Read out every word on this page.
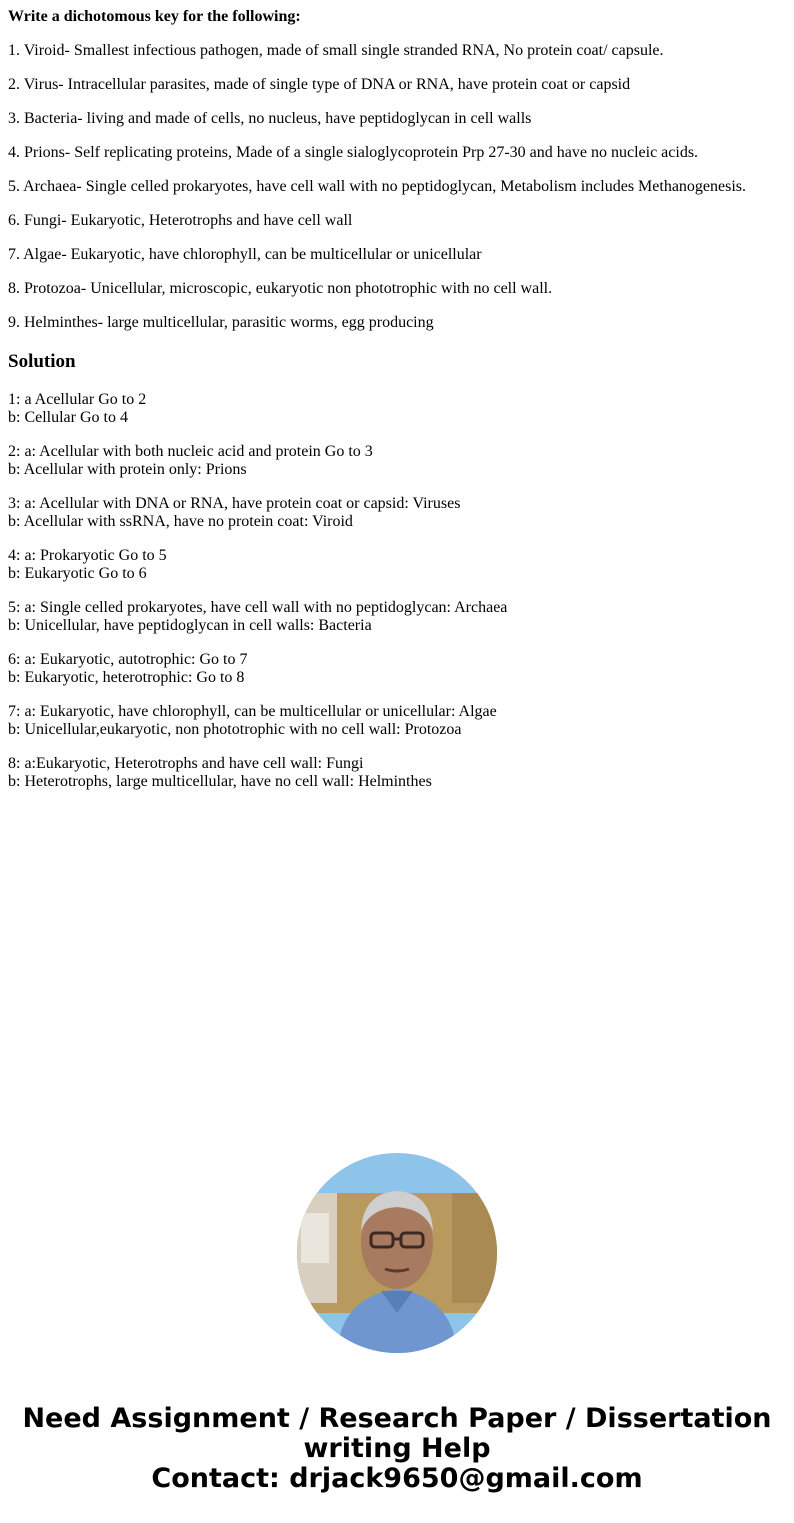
Write a dichotomous key for the following:

1. Viroid- Smallest infectious pathogen, made of small single stranded RNA, No protein coat/ capsule.

2. Virus- Intracellular parasites, made of single type of DNA or RNA, have protein coat or capsid

3. Bacteria- living and made of cells, no nucleus, have peptidoglycan in cell walls

4. Prions- Self replicating proteins, Made of a single sialoglycoprotein Prp 27-30 and have no nucleic acids.

5. Archaea- Single celled prokaryotes, have cell wall with no peptidoglycan, Metabolism includes Methanogenesis.

6. Fungi- Eukaryotic, Heterotrophs and have cell wall

7. Algae- Eukaryotic, have chlorophyll, can be multicellular or unicellular

8. Protozoa- Unicellular, microscopic, eukaryotic non phototrophic with no cell wall.

9. Helminthes- large multicellular, parasitic worms, egg producing

Solution

1: a Acellular Go to 2
b: Cellular Go to 4

2: a: Acellular with both nucleic acid and protein Go to 3
b: Acellular with protein only: Prions

3: a: Acellular with DNA or RNA, have protein coat or capsid: Viruses
b: Acellular with ssRNA, have no protein coat: Viroid

4: a: Prokaryotic Go to 5
b: Eukaryotic Go to 6

5: a: Single celled prokaryotes, have cell wall with no peptidoglycan: Archaea
b: Unicellular, have peptidoglycan in cell walls: Bacteria

6: a: Eukaryotic, autotrophic: Go to 7
b: Eukaryotic, heterotrophic: Go to 8

7: a: Eukaryotic, have chlorophyll, can be multicellular or unicellular: Algae
b: Unicellular,eukaryotic, non phototrophic with no cell wall: Protozoa

8: a:Eukaryotic, Heterotrophs and have cell wall: Fungi
b: Heterotrophs, large multicellular, have no cell wall: Helminthes

Need Assignment / Research Paper / Dissertation
writing Help
Contact: drjack9650@gmail.com
